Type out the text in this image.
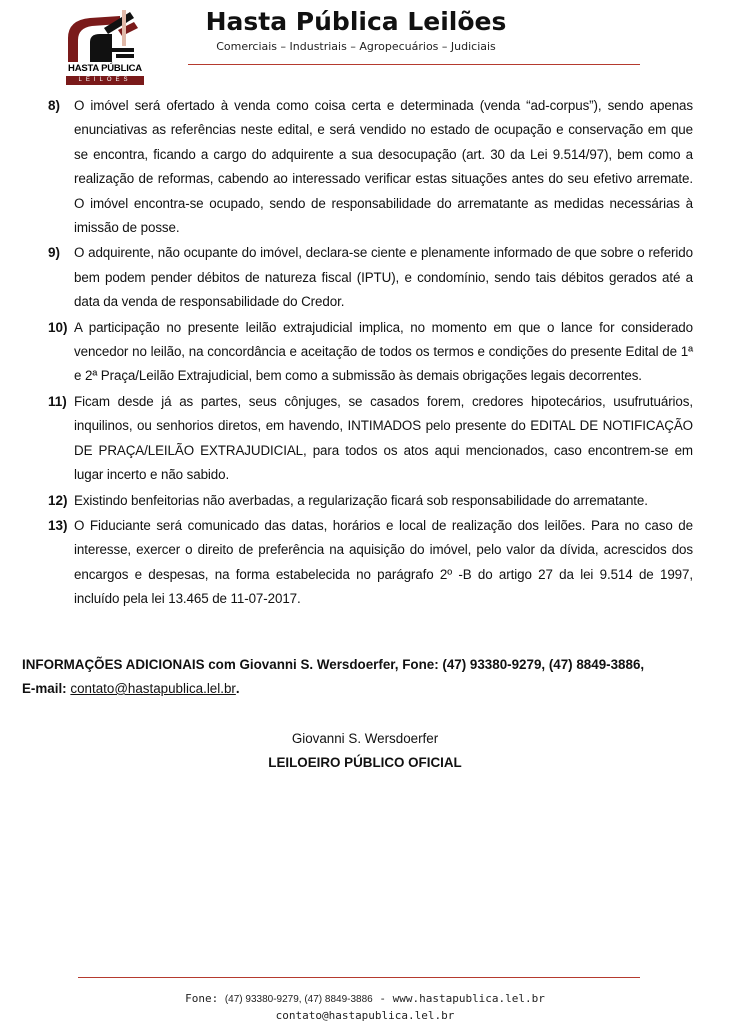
HASTA PÚBLICA
LEILÕES
Hasta Pública Leilões
Comerciais – Industriais – Agropecuários – Judiciais
8) O imóvel será ofertado à venda como coisa certa e determinada (venda “ad-corpus”), sendo apenas enunciativas as referências neste edital, e será vendido no estado de ocupação e conservação em que se encontra, ficando a cargo do adquirente a sua desocupação (art. 30 da Lei 9.514/97), bem como a realização de reformas, cabendo ao interessado verificar estas situações antes do seu efetivo arremate. O imóvel encontra-se ocupado, sendo de responsabilidade do arrematante as medidas necessárias à imissão de posse.
9) O adquirente, não ocupante do imóvel, declara-se ciente e plenamente informado de que sobre o referido bem podem pender débitos de natureza fiscal (IPTU), e condomínio, sendo tais débitos gerados até a data da venda de responsabilidade do Credor.
10) A participação no presente leilão extrajudicial implica, no momento em que o lance for considerado vencedor no leilão, na concordância e aceitação de todos os termos e condições do presente Edital de 1ª e 2ª Praça/Leilão Extrajudicial, bem como a submissão às demais obrigações legais decorrentes.
11) Ficam desde já as partes, seus cônjuges, se casados forem, credores hipotecários, usufrutuários, inquilinos, ou senhorios diretos, em havendo, INTIMADOS pelo presente do EDITAL DE NOTIFICAÇÃO DE PRAÇA/LEILÃO EXTRAJUDICIAL, para todos os atos aqui mencionados, caso encontrem-se em lugar incerto e não sabido.
12) Existindo benfeitorias não averbadas, a regularização ficará sob responsabilidade do arrematante.
13) O Fiduciante será comunicado das datas, horários e local de realização dos leilões. Para no caso de interesse, exercer o direito de preferência na aquisição do imóvel, pelo valor da dívida, acrescidos dos encargos e despesas, na forma estabelecida no parágrafo 2º -B do artigo 27 da lei 9.514 de 1997, incluído pela lei 13.465 de 11-07-2017.
INFORMAÇÕES ADICIONAIS com Giovanni S. Wersdoerfer, Fone: (47) 93380-9279, (47) 8849-3886,
E-mail: contato@hastapublica.lel.br.
Giovanni S. Wersdoerfer
LEILOEIRO PÚBLICO OFICIAL
Fone: (47) 93380-9279, (47) 8849-3886 - www.hastapublica.lel.br
contato@hastapublica.lel.br
